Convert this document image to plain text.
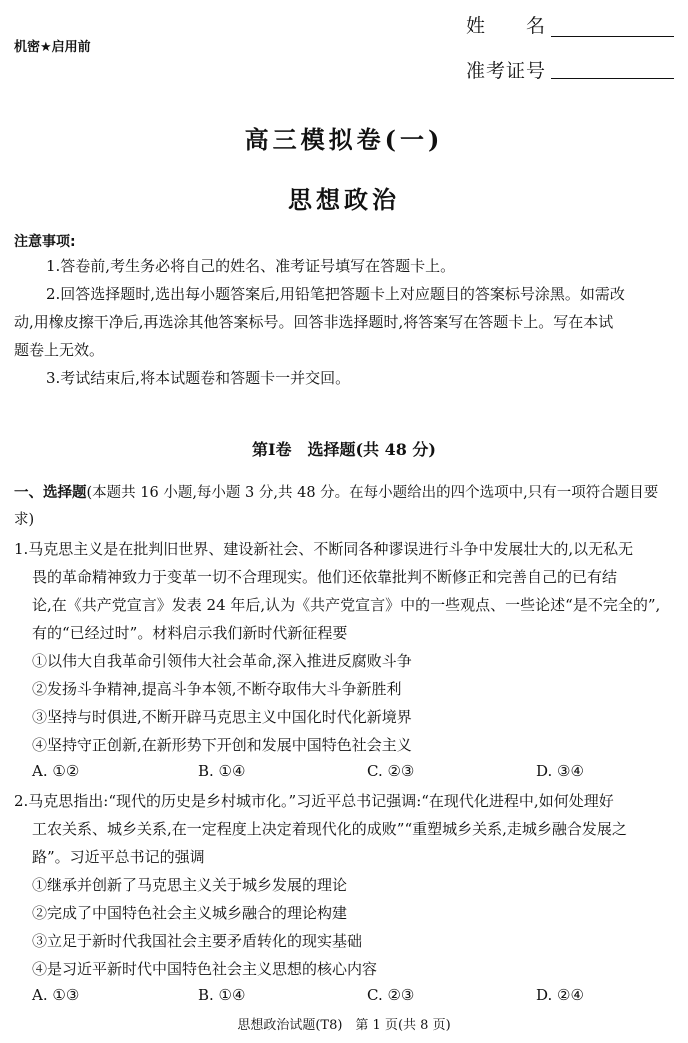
机密★启用前
姓　　名
准考证号
高三模拟卷(一)
思想政治
注意事项:
1.答卷前,考生务必将自己的姓名、准考证号填写在答题卡上。
2.回答选择题时,选出每小题答案后,用铅笔把答题卡上对应题目的答案标号涂黑。如需改
动,用橡皮擦干净后,再选涂其他答案标号。回答非选择题时,将答案写在答题卡上。写在本试
题卷上无效。
3.考试结束后,将本试题卷和答题卡一并交回。
第Ⅰ卷　选择题(共 48 分)
一、选择题(本题共 16 小题,每小题 3 分,共 48 分。在每小题给出的四个选项中,只有一项符合题目要求)
1.马克思主义是在批判旧世界、建设新社会、不断同各种谬误进行斗争中发展壮大的,以无私无
畏的革命精神致力于变革一切不合理现实。他们还依靠批判不断修正和完善自己的已有结
论,在《共产党宣言》发表 24 年后,认为《共产党宣言》中的一些观点、一些论述“是不完全的”,
有的“已经过时”。材料启示我们新时代新征程要
①以伟大自我革命引领伟大社会革命,深入推进反腐败斗争
②发扬斗争精神,提高斗争本领,不断夺取伟大斗争新胜利
③坚持与时俱进,不断开辟马克思主义中国化时代化新境界
④坚持守正创新,在新形势下开创和发展中国特色社会主义
A. ①②	B. ①④	C. ②③	D. ③④
2.马克思指出:“现代的历史是乡村城市化。”习近平总书记强调:“在现代化进程中,如何处理好
工农关系、城乡关系,在一定程度上决定着现代化的成败”“重塑城乡关系,走城乡融合发展之
路”。习近平总书记的强调
①继承并创新了马克思主义关于城乡发展的理论
②完成了中国特色社会主义城乡融合的理论构建
③立足于新时代我国社会主要矛盾转化的现实基础
④是习近平新时代中国特色社会主义思想的核心内容
A. ①③	B. ①④	C. ②③	D. ②④
思想政治试题(T8)　第 1 页(共 8 页)
